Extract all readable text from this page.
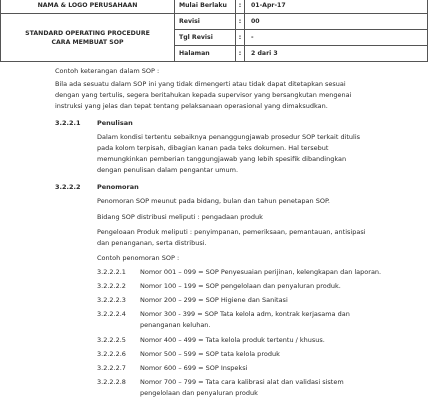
NAMA & LOGO PERUSAHAAN	Mulai Berlaku	:	01-Apr-17

STANDARD OPERATING PROCEDURE
CARA MEMBUAT SOP	Revisi	:	00
	Tgl Revisi	:	-
	Halaman	:	2 dari 3
Contoh keterangan dalam SOP :
Bila ada sesuatu dalam SOP ini yang tidak dimengerti atau tidak dapat ditetapkan sesuai
dengan yang tertulis, segera beritahukan kepada supervisor yang bersangkutan mengenai
instruksi yang jelas dan tepat tentang pelaksanaan operasional yang dimaksudkan.
3.2.2.1	Penulisan
Dalam kondisi tertentu sebaiknya penanggungjawab prosedur SOP terkait ditulis
pada kolom terpisah, dibagian kanan pada teks dokumen. Hal tersebut
memungkinkan pemberian tanggungjawab yang lebih spesifik dibandingkan
dengan penulisan dalam pengantar umum.
3.2.2.2	Penomoran
Penomoran SOP meunut pada bidang, bulan dan tahun penetapan SOP.
Bidang SOP distribusi meliputi : pengadaan produk
Pengeloaan Produk meliputi : penyimpanan, pemeriksaan, pemantauan, antisipasi
dan penanganan, serta distribusi.
Contoh penomoran SOP :
3.2.2.2.1 Nomor 001 – 099 = SOP Penyesuaian perijinan, kelengkapan dan laporan.
3.2.2.2.2 Nomor 100 – 199 = SOP pengelolaan dan penyaluran produk.
3.2.2.2.3 Nomor 200 – 299 = SOP Higiene dan Sanitasi
3.2.2.2.4 Nomor 300 - 399 = SOP Tata kelola adm, kontrak kerjasama dan
penanganan keluhan.
3.2.2.2.5 Nomor 400 – 499 = Tata kelola produk tertentu / khusus.
3.2.2.2.6 Nomor 500 – 599 = SOP tata kelola produk
3.2.2.2.7 Nomor 600 – 699 = SOP Inspeksi
3.2.2.2.8 Nomor 700 – 799 = Tata cara kalibrasi alat dan validasi sistem
pengelolaan dan penyaluran produk
